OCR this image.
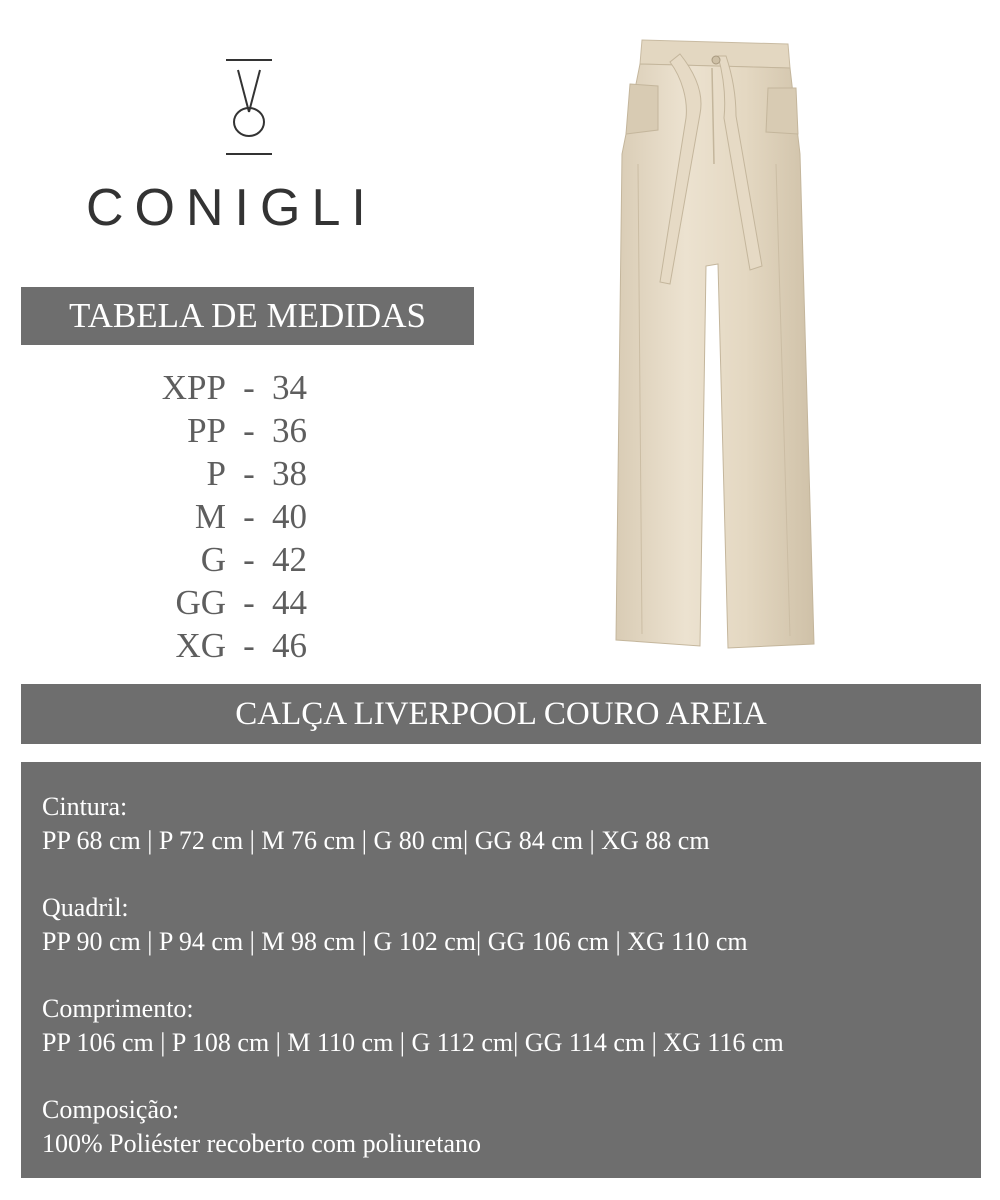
CONIGLI
TABELA DE MEDIDAS
XPP - 34
PP - 36
P - 38
M - 40
G - 42
GG - 44
XG - 46
CALÇA LIVERPOOL COURO AREIA
Cintura:
PP 68 cm | P 72 cm | M 76 cm | G 80 cm| GG 84 cm | XG 88 cm
Quadril:
PP 90 cm | P 94 cm | M 98 cm | G 102 cm| GG 106 cm | XG 110 cm
Comprimento:
PP 106 cm | P 108 cm | M 110 cm | G 112 cm| GG 114 cm | XG 116 cm
Composição:
100% Poliéster recoberto com poliuretano
